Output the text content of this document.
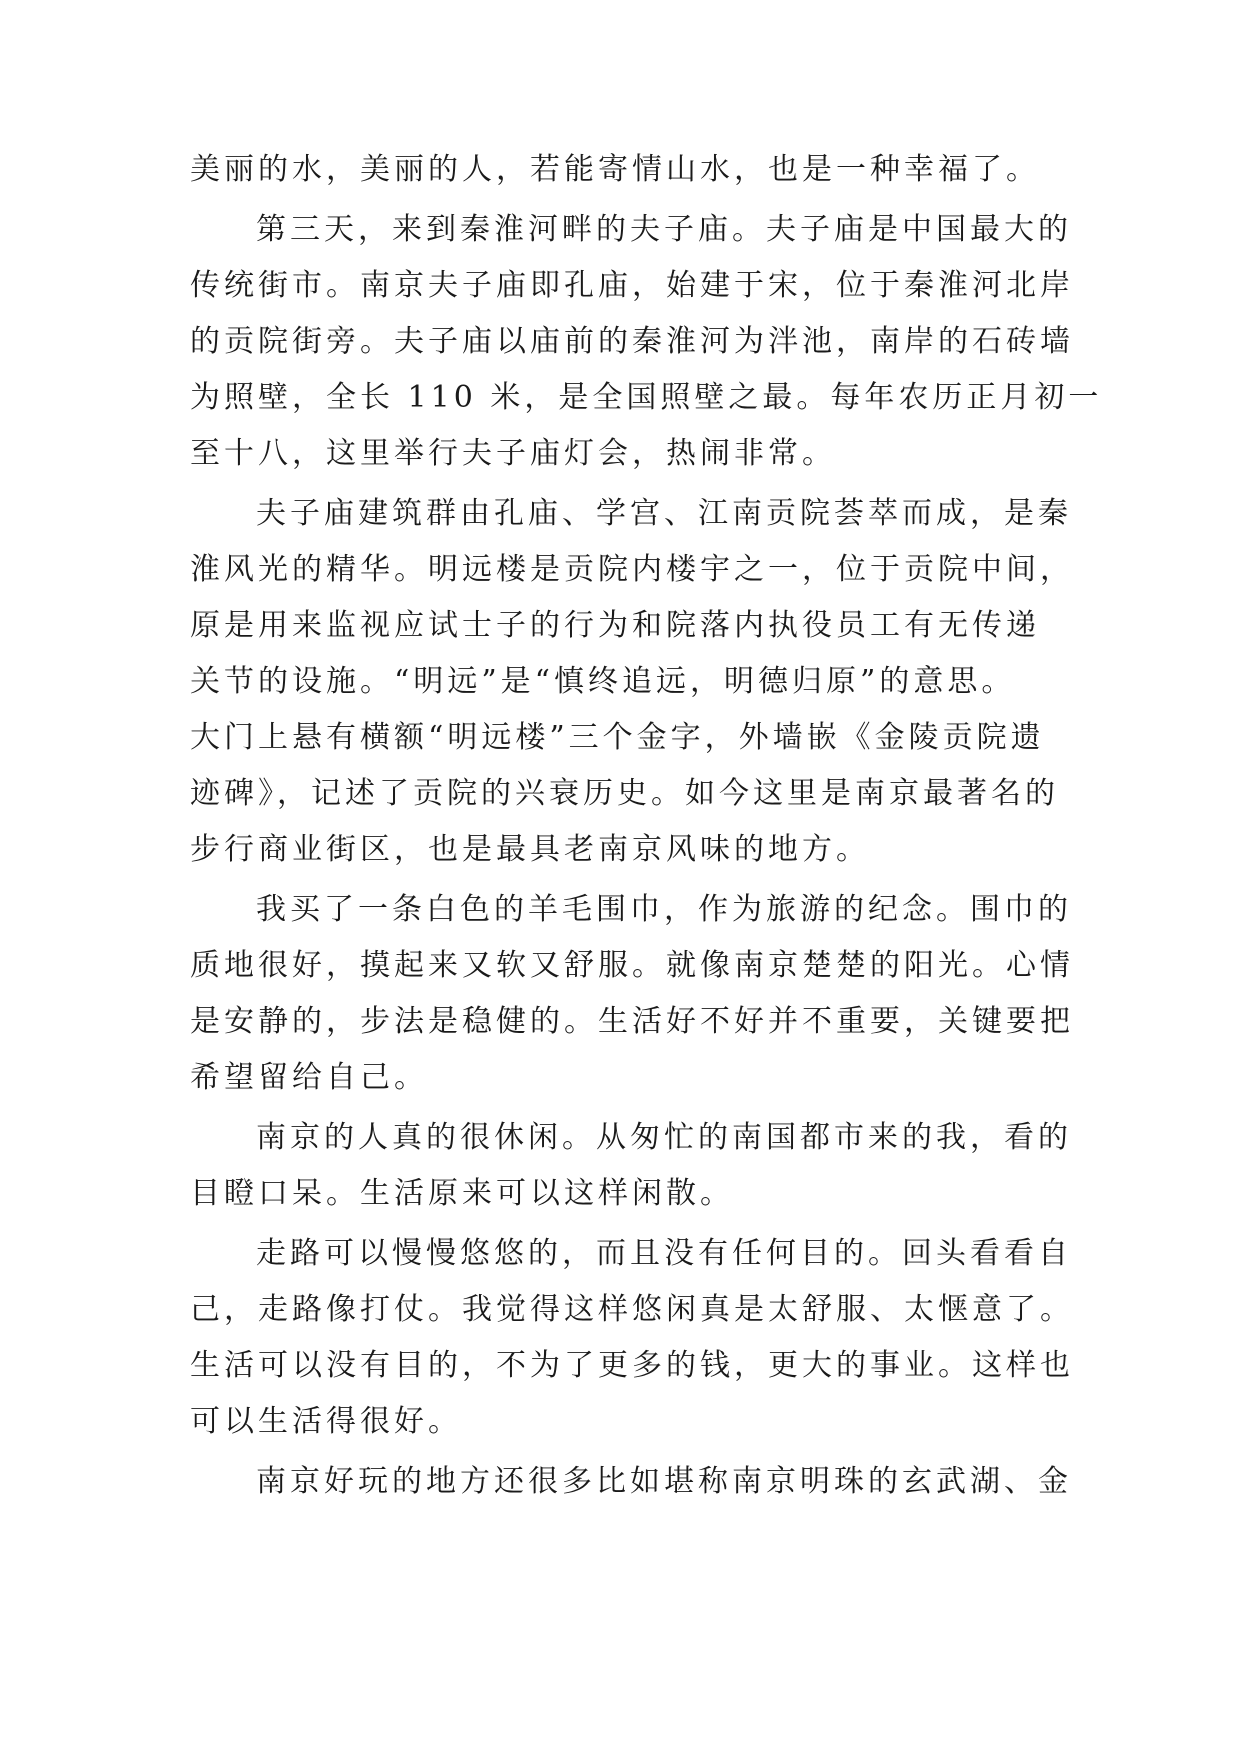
美丽的水，美丽的人，若能寄情山水，也是一种幸福了。
第三天，来到秦淮河畔的夫子庙。夫子庙是中国最大的
传统街市。南京夫子庙即孔庙，始建于宋，位于秦淮河北岸
的贡院街旁。夫子庙以庙前的秦淮河为泮池，南岸的石砖墙
为照壁，全长 110 米，是全国照壁之最。每年农历正月初一
至十八，这里举行夫子庙灯会，热闹非常。
夫子庙建筑群由孔庙、学宫、江南贡院荟萃而成，是秦
淮风光的精华。明远楼是贡院内楼宇之一，位于贡院中间，
原是用来监视应试士子的行为和院落内执役员工有无传递
关节的设施。“明远”是“慎终追远，明德归原”的意思。
大门上悬有横额“明远楼”三个金字，外墙嵌《金陵贡院遗
迹碑》，记述了贡院的兴衰历史。如今这里是南京最著名的
步行商业街区，也是最具老南京风味的地方。
我买了一条白色的羊毛围巾，作为旅游的纪念。围巾的
质地很好，摸起来又软又舒服。就像南京楚楚的阳光。心情
是安静的，步法是稳健的。生活好不好并不重要，关键要把
希望留给自己。
南京的人真的很休闲。从匆忙的南国都市来的我，看的
目瞪口呆。生活原来可以这样闲散。
走路可以慢慢悠悠的，而且没有任何目的。回头看看自
己，走路像打仗。我觉得这样悠闲真是太舒服、太惬意了。
生活可以没有目的，不为了更多的钱，更大的事业。这样也
可以生活得很好。
南京好玩的地方还很多比如堪称南京明珠的玄武湖、金
